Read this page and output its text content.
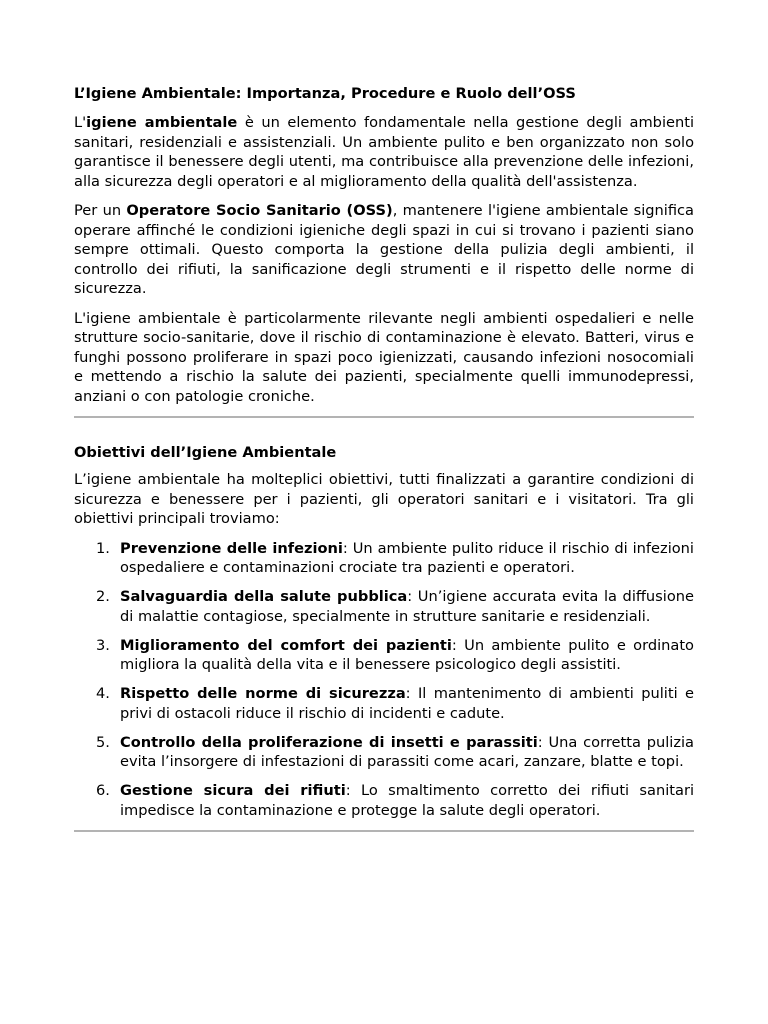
L’Igiene Ambientale: Importanza, Procedure e Ruolo dell’OSS

L'igiene ambientale è un elemento fondamentale nella gestione degli ambienti sanitari, residenziali e assistenziali. Un ambiente pulito e ben organizzato non solo garantisce il benessere degli utenti, ma contribuisce alla prevenzione delle infezioni, alla sicurezza degli operatori e al miglioramento della qualità dell'assistenza.

Per un Operatore Socio Sanitario (OSS), mantenere l'igiene ambientale significa operare affinché le condizioni igieniche degli spazi in cui si trovano i pazienti siano sempre ottimali. Questo comporta la gestione della pulizia degli ambienti, il controllo dei rifiuti, la sanificazione degli strumenti e il rispetto delle norme di sicurezza.

L'igiene ambientale è particolarmente rilevante negli ambienti ospedalieri e nelle strutture socio-sanitarie, dove il rischio di contaminazione è elevato. Batteri, virus e funghi possono proliferare in spazi poco igienizzati, causando infezioni nosocomiali e mettendo a rischio la salute dei pazienti, specialmente quelli immunodepressi, anziani o con patologie croniche.

Obiettivi dell’Igiene Ambientale

L’igiene ambientale ha molteplici obiettivi, tutti finalizzati a garantire condizioni di sicurezza e benessere per i pazienti, gli operatori sanitari e i visitatori. Tra gli obiettivi principali troviamo:

1. Prevenzione delle infezioni: Un ambiente pulito riduce il rischio di infezioni ospedaliere e contaminazioni crociate tra pazienti e operatori.
2. Salvaguardia della salute pubblica: Un’igiene accurata evita la diffusione di malattie contagiose, specialmente in strutture sanitarie e residenziali.
3. Miglioramento del comfort dei pazienti: Un ambiente pulito e ordinato migliora la qualità della vita e il benessere psicologico degli assistiti.
4. Rispetto delle norme di sicurezza: Il mantenimento di ambienti puliti e privi di ostacoli riduce il rischio di incidenti e cadute.
5. Controllo della proliferazione di insetti e parassiti: Una corretta pulizia evita l’insorgere di infestazioni di parassiti come acari, zanzare, blatte e topi.
6. Gestione sicura dei rifiuti: Lo smaltimento corretto dei rifiuti sanitari impedisce la contaminazione e protegge la salute degli operatori.
